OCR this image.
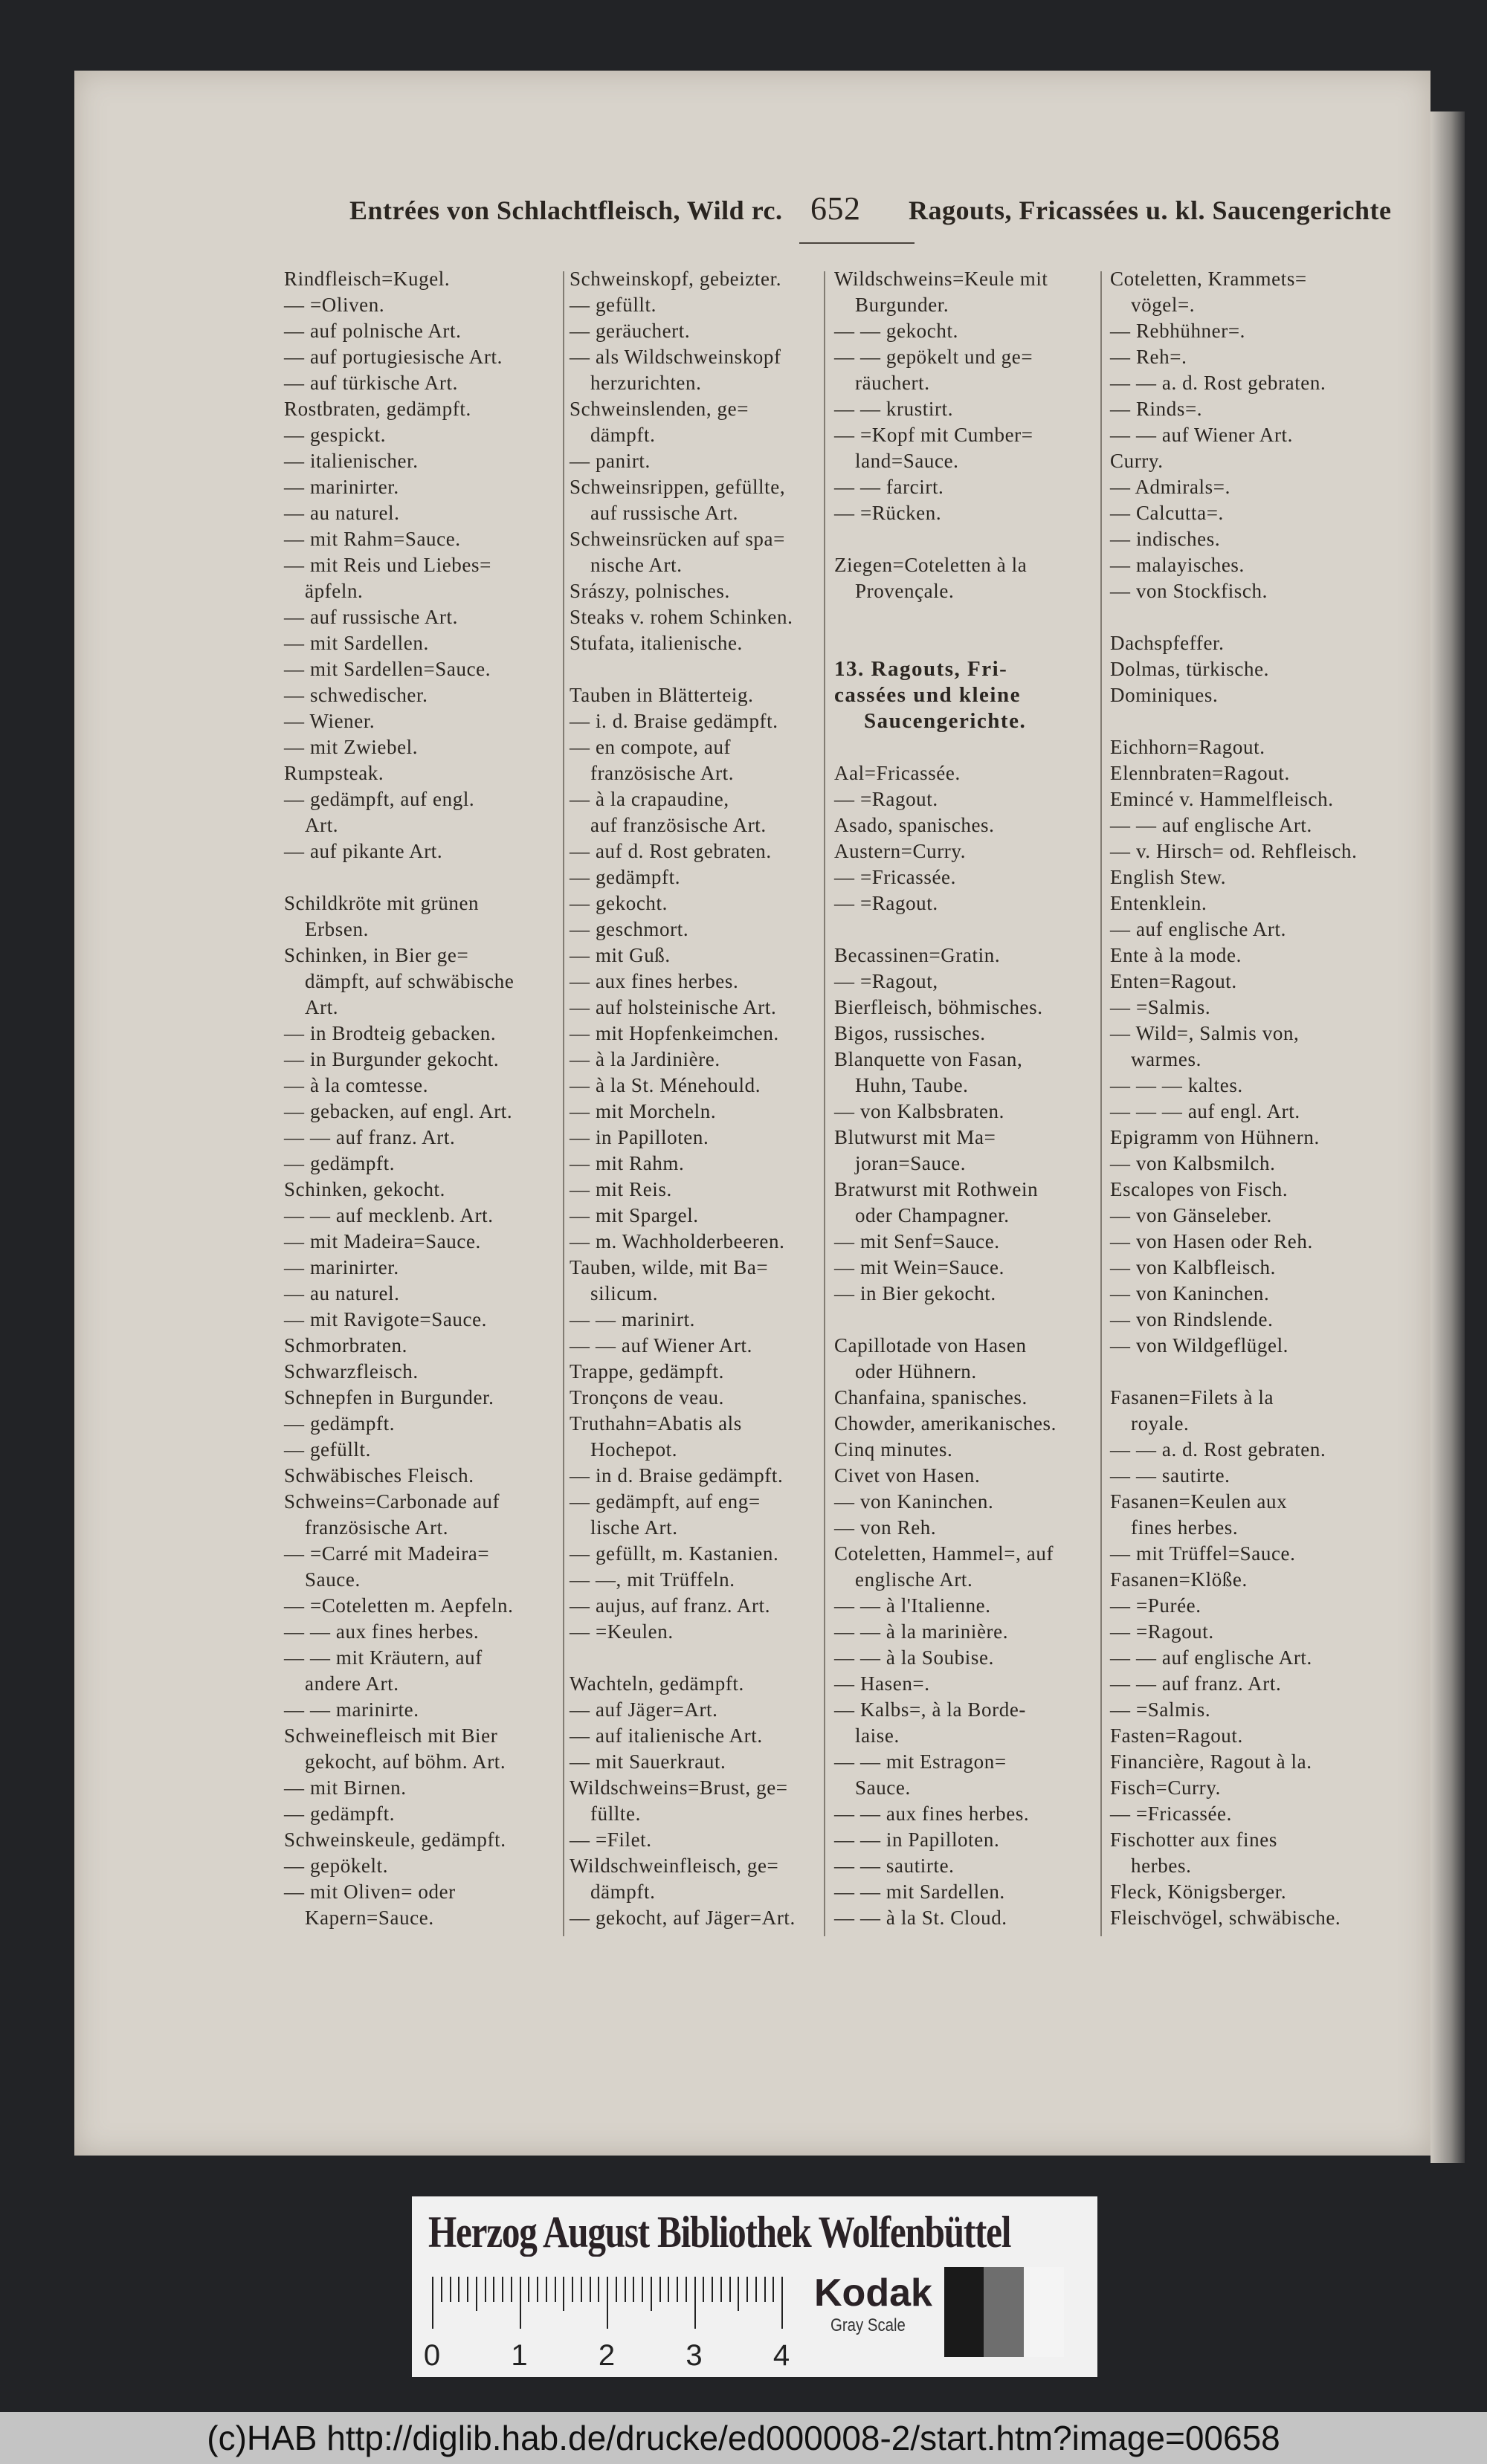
Entrées von Schlachtfleisch, Wild rc. 652 Ragouts, Fricassées u. kl. Saucengerichte
Rindfleisch=Kugel.
— =Oliven.
— auf polnische Art.
— auf portugiesische Art.
— auf türkische Art.
Rostbraten, gedämpft.
— gespickt.
— italienischer.
— marinirter.
— au naturel.
— mit Rahm=Sauce.
— mit Reis und Liebes=
äpfeln.
— auf russische Art.
— mit Sardellen.
— mit Sardellen=Sauce.
— schwedischer.
— Wiener.
— mit Zwiebel.
Rumpsteak.
— gedämpft, auf engl.
Art.
— auf pikante Art.
Schildkröte mit grünen
Erbsen.
Schinken, in Bier ge=
dämpft, auf schwäbische
Art.
— in Brodteig gebacken.
— in Burgunder gekocht.
— à la comtesse.
— gebacken, auf engl. Art.
— — auf franz. Art.
— gedämpft.
Schinken, gekocht.
— — auf mecklenb. Art.
— mit Madeira=Sauce.
— marinirter.
— au naturel.
— mit Ravigote=Sauce.
Schmorbraten.
Schwarzfleisch.
Schnepfen in Burgunder.
— gedämpft.
— gefüllt.
Schwäbisches Fleisch.
Schweins=Carbonade auf
französische Art.
— =Carré mit Madeira=
Sauce.
— =Coteletten m. Aepfeln.
— — aux fines herbes.
— — mit Kräutern, auf
andere Art.
— — marinirte.
Schweinefleisch mit Bier
gekocht, auf böhm. Art.
— mit Birnen.
— gedämpft.
Schweinskeule, gedämpft.
— gepökelt.
— mit Oliven= oder
Kapern=Sauce.
Schweinskopf, gebeizter.
— gefüllt.
— geräuchert.
— als Wildschweinskopf
herzurichten.
Schweinslenden, ge=
dämpft.
— panirt.
Schweinsrippen, gefüllte,
auf russische Art.
Schweinsrücken auf spa=
nische Art.
Srászy, polnisches.
Steaks v. rohem Schinken.
Stufata, italienische.
Tauben in Blätterteig.
— i. d. Braise gedämpft.
— en compote, auf
französische Art.
— à la crapaudine,
auf französische Art.
— auf d. Rost gebraten.
— gedämpft.
— gekocht.
— geschmort.
— mit Guß.
— aux fines herbes.
— auf holsteinische Art.
— mit Hopfenkeimchen.
— à la Jardinière.
— à la St. Ménehould.
— mit Morcheln.
— in Papilloten.
— mit Rahm.
— mit Reis.
— mit Spargel.
— m. Wachholderbeeren.
Tauben, wilde, mit Ba=
silicum.
— — marinirt.
— — auf Wiener Art.
Trappe, gedämpft.
Tronçons de veau.
Truthahn=Abatis als
Hochepot.
— in d. Braise gedämpft.
— gedämpft, auf eng=
lische Art.
— gefüllt, m. Kastanien.
— —, mit Trüffeln.
— aujus, auf franz. Art.
— =Keulen.
Wachteln, gedämpft.
— auf Jäger=Art.
— auf italienische Art.
— mit Sauerkraut.
Wildschweins=Brust, ge=
füllte.
— =Filet.
Wildschweinfleisch, ge=
dämpft.
— gekocht, auf Jäger=Art.
Wildschweins=Keule mit
Burgunder.
— — gekocht.
— — gepökelt und ge=
räuchert.
— — krustirt.
— =Kopf mit Cumber=
land=Sauce.
— — farcirt.
— =Rücken.
Ziegen=Coteletten à la
Provençale.
13. Ragouts, Fri-
cassées und kleine
Saucengerichte.
Aal=Fricassée.
— =Ragout.
Asado, spanisches.
Austern=Curry.
— =Fricassée.
— =Ragout.
Becassinen=Gratin.
— =Ragout,
Bierfleisch, böhmisches.
Bigos, russisches.
Blanquette von Fasan,
Huhn, Taube.
— von Kalbsbraten.
Blutwurst mit Ma=
joran=Sauce.
Bratwurst mit Rothwein
oder Champagner.
— mit Senf=Sauce.
— mit Wein=Sauce.
— in Bier gekocht.
Capillotade von Hasen
oder Hühnern.
Chanfaina, spanisches.
Chowder, amerikanisches.
Cinq minutes.
Civet von Hasen.
— von Kaninchen.
— von Reh.
Coteletten, Hammel=, auf
englische Art.
— — à l'Italienne.
— — à la marinière.
— — à la Soubise.
— Hasen=.
— Kalbs=, à la Borde-
laise.
— — mit Estragon=
Sauce.
— — aux fines herbes.
— — in Papilloten.
— — sautirte.
— — mit Sardellen.
— — à la St. Cloud.
Coteletten, Krammets=
vögel=.
— Rebhühner=.
— Reh=.
— — a. d. Rost gebraten.
— Rinds=.
— — auf Wiener Art.
Curry.
— Admirals=.
— Calcutta=.
— indisches.
— malayisches.
— von Stockfisch.
Dachspfeffer.
Dolmas, türkische.
Dominiques.
Eichhorn=Ragout.
Elennbraten=Ragout.
Emincé v. Hammelfleisch.
— — auf englische Art.
— v. Hirsch= od. Rehfleisch.
English Stew.
Entenklein.
— auf englische Art.
Ente à la mode.
Enten=Ragout.
— =Salmis.
— Wild=, Salmis von,
warmes.
— — — kaltes.
— — — auf engl. Art.
Epigramm von Hühnern.
— von Kalbsmilch.
Escalopes von Fisch.
— von Gänseleber.
— von Hasen oder Reh.
— von Kalbfleisch.
— von Kaninchen.
— von Rindslende.
— von Wildgeflügel.
Fasanen=Filets à la
royale.
— — a. d. Rost gebraten.
— — sautirte.
Fasanen=Keulen aux
fines herbes.
— mit Trüffel=Sauce.
Fasanen=Klöße.
— =Purée.
— =Ragout.
— — auf englische Art.
— — auf franz. Art.
— =Salmis.
Fasten=Ragout.
Financière, Ragout à la.
Fisch=Curry.
— =Fricassée.
Fischotter aux fines
herbes.
Fleck, Königsberger.
Fleischvögel, schwäbische.
Herzog August Bibliothek Wolfenbüttel
0 1 2 3 4
Kodak
Gray Scale
(c)HAB http://diglib.hab.de/drucke/ed000008-2/start.htm?image=00658
